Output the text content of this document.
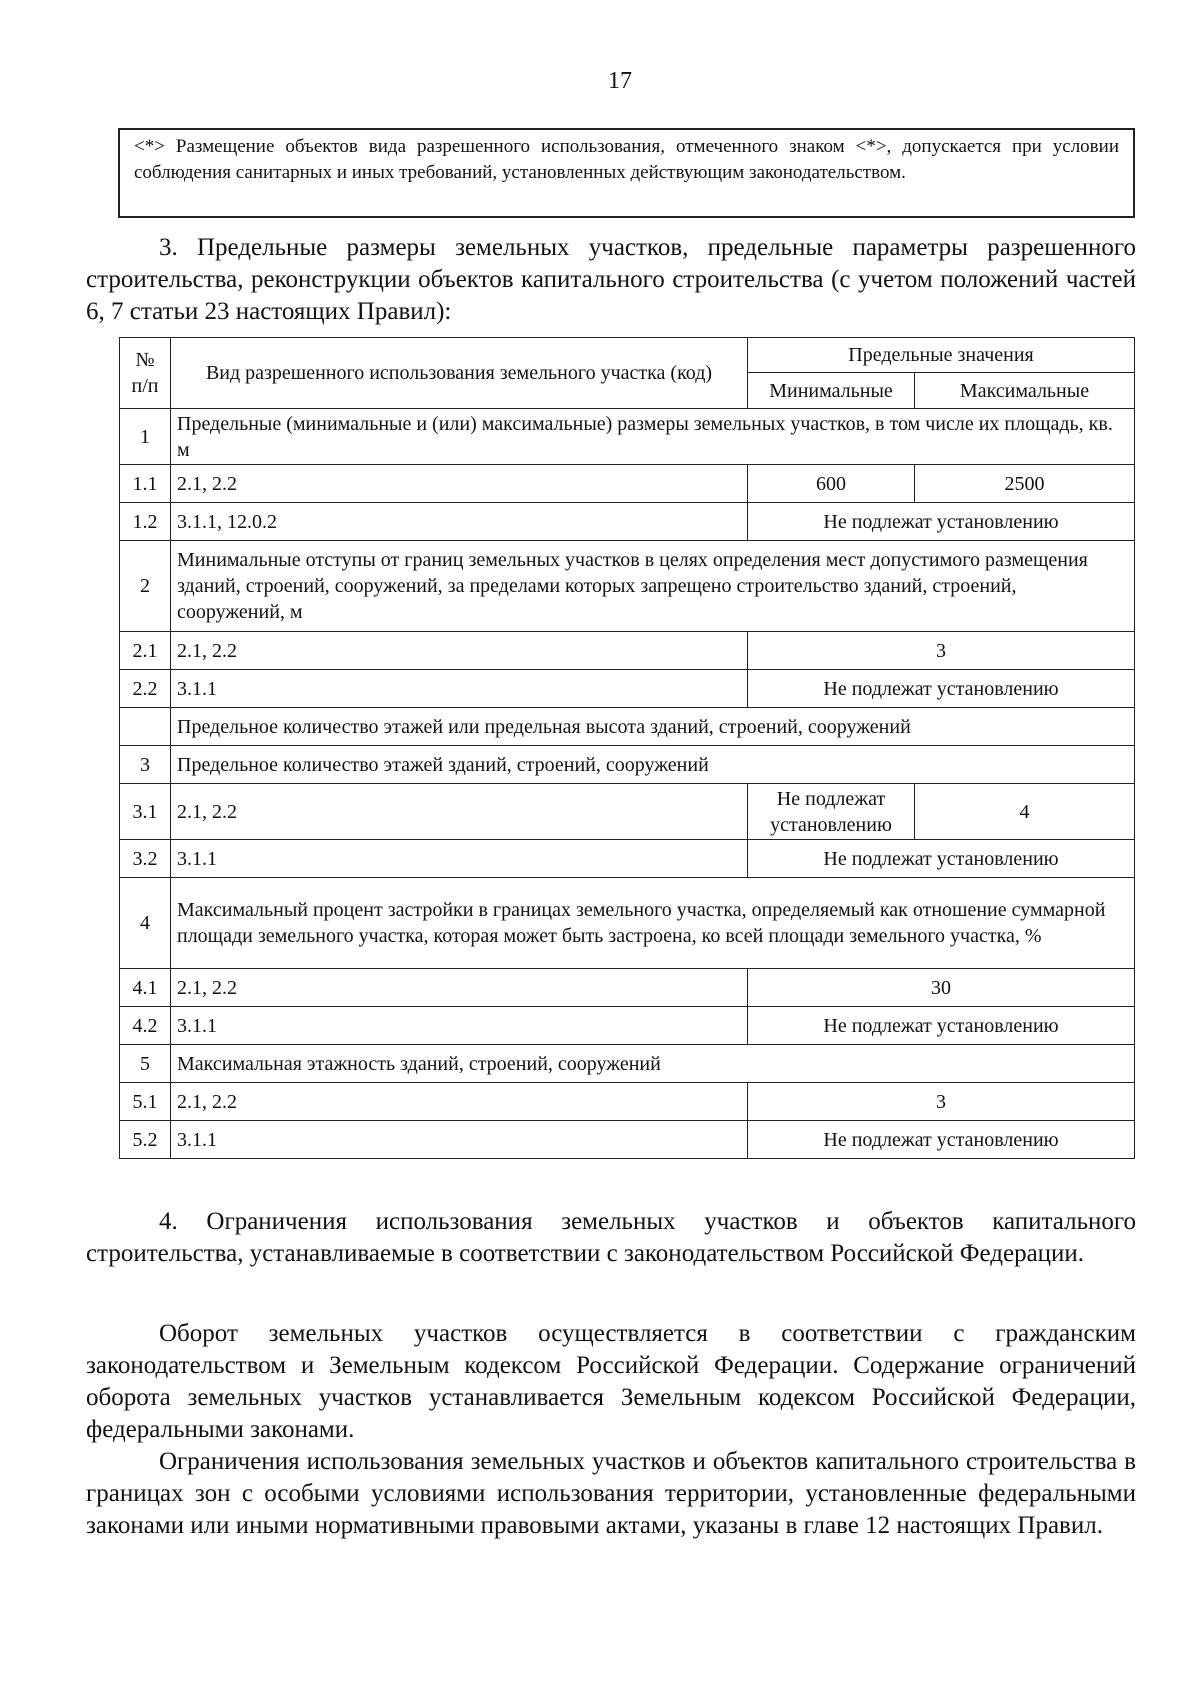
17
<*> Размещение объектов вида разрешенного использования, отмеченного знаком <*>, допускается при условии соблюдения санитарных и иных требований, установленных действующим законодательством.
3. Предельные размеры земельных участков, предельные параметры разрешенного строительства, реконструкции объектов капитального строительства (с учетом положений частей 6, 7 статьи 23 настоящих Правил):
№ п/п	Вид разрешенного использования земельного участка (код)	Предельные значения	
		Минимальные	Максимальные
1	Предельные (минимальные и (или) максимальные) размеры земельных участков, в том числе их площадь, кв. м		
1.1	2.1, 2.2	600	2500
1.2	3.1.1, 12.0.2	Не подлежат установлению	
2	Минимальные отступы от границ земельных участков в целях определения мест допустимого размещения зданий, строений, сооружений, за пределами которых запрещено строительство зданий, строений, сооружений, м		
2.1	2.1, 2.2	3	
2.2	3.1.1	Не подлежат установлению	
	Предельное количество этажей или предельная высота зданий, строений, сооружений		
3	Предельное количество этажей зданий, строений, сооружений		
3.1	2.1, 2.2	Не подлежат установлению	4
3.2	3.1.1	Не подлежат установлению	
4	Максимальный процент застройки в границах земельного участка, определяемый как отношение суммарной площади земельного участка, которая может быть застроена, ко всей площади земельного участка, %		
4.1	2.1, 2.2	30	
4.2	3.1.1	Не подлежат установлению	
5	Максимальная этажность зданий, строений, сооружений		
5.1	2.1, 2.2	3	
5.2	3.1.1	Не подлежат установлению	
4. Ограничения использования земельных участков и объектов капитального строительства, устанавливаемые в соответствии с законодательством Российской Федерации.
Оборот земельных участков осуществляется в соответствии с гражданским законодательством и Земельным кодексом Российской Федерации. Содержание ограничений оборота земельных участков устанавливается Земельным кодексом Российской Федерации, федеральными законами.
Ограничения использования земельных участков и объектов капитального строительства в границах зон с особыми условиями использования территории, установленные федеральными законами или иными нормативными правовыми актами, указаны в главе 12 настоящих Правил.
